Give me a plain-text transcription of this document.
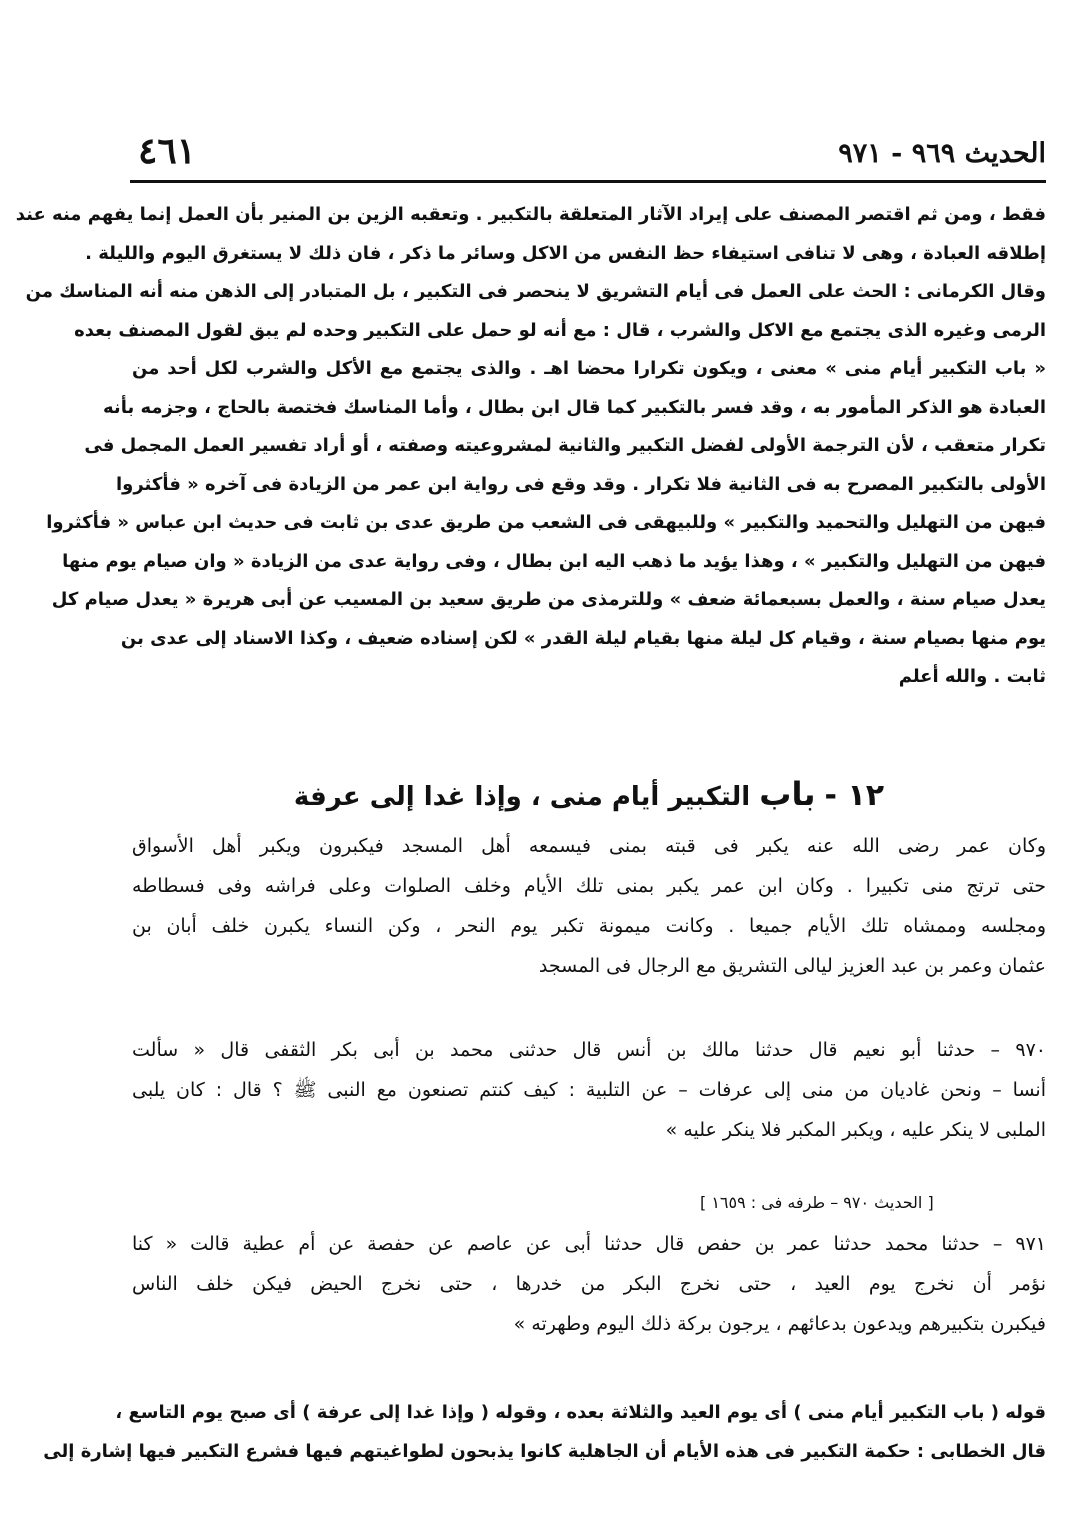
الحديث ٩٦٩ - ٩٧١
٤٦١
فقط ، ومن ثم اقتصر المصنف على إيراد الآثار المتعلقة بالتكبير . وتعقبه الزين بن المنير بأن العمل إنما يفهم منه عند
إطلاقه العبادة ، وهى لا تنافى استيفاء حظ النفس من الاكل وسائر ما ذكر ، فان ذلك لا يستغرق اليوم والليلة .
وقال الكرمانى : الحث على العمل فى أيام التشريق لا ينحصر فى التكبير ، بل المتبادر إلى الذهن منه أنه المناسك من
الرمى وغيره الذى يجتمع مع الاكل والشرب ، قال : مع أنه لو حمل على التكبير وحده لم يبق لقول المصنف بعده
« باب التكبير أيام منى » معنى ، ويكون تكرارا محضا اهـ . والذى يجتمع مع الأكل والشرب لكل أحد من
العبادة هو الذكر المأمور به ، وقد فسر بالتكبير كما قال ابن بطال ، وأما المناسك فختصة بالحاج ، وجزمه بأنه
تكرار متعقب ، لأن الترجمة الأولى لفضل التكبير والثانية لمشروعيته وصفته ، أو أراد تفسير العمل المجمل فى
الأولى بالتكبير المصرح به فى الثانية فلا تكرار . وقد وقع فى رواية ابن عمر من الزيادة فى آخره « فأكثروا
فيهن من التهليل والتحميد والتكبير » وللبيهقى فى الشعب من طريق عدى بن ثابت فى حديث ابن عباس « فأكثروا
فيهن من التهليل والتكبير » ، وهذا يؤيد ما ذهب اليه ابن بطال ، وفى رواية عدى من الزيادة « وان صيام يوم منها
يعدل صيام سنة ، والعمل بسبعمائة ضعف » وللترمذى من طريق سعيد بن المسيب عن أبى هريرة « يعدل صيام كل
يوم منها بصيام سنة ، وقيام كل ليلة منها بقيام ليلة القدر » لكن إسناده ضعيف ، وكذا الاسناد إلى عدى بن
ثابت . والله أعلم
١٢ - باب التكبير أيام منى ، وإذا غدا إلى عرفة
وكان عمر رضى الله عنه يكبر فى قبته بمنى فيسمعه أهل المسجد فيكبرون ويكبر أهل الأسواق
حتى ترتج منى تكبيرا . وكان ابن عمر يكبر بمنى تلك الأيام وخلف الصلوات وعلى فراشه وفى فسطاطه
ومجلسه وممشاه تلك الأيام جميعا . وكانت ميمونة تكبر يوم النحر ، وكن النساء يكبرن خلف أبان بن
عثمان وعمر بن عبد العزيز ليالى التشريق مع الرجال فى المسجد
٩٧٠ – حدثنا أبو نعيم قال حدثنا مالك بن أنس قال حدثنى محمد بن أبى بكر الثقفى قال « سألت
أنسا – ونحن غاديان من منى إلى عرفات – عن التلبية : كيف كنتم تصنعون مع النبى ﷺ ؟ قال : كان يلبى
الملبى لا ينكر عليه ، ويكبر المكبر فلا ينكر عليه »
[ الحديث ٩٧٠ – طرفه فى : ١٦٥٩ ]
٩٧١ – حدثنا محمد حدثنا عمر بن حفص قال حدثنا أبى عن عاصم عن حفصة عن أم عطية قالت « كنا
نؤمر أن نخرج يوم العيد ، حتى نخرج البكر من خدرها ، حتى نخرج الحيض فيكن خلف الناس
فيكبرن بتكبيرهم ويدعون بدعائهم ، يرجون بركة ذلك اليوم وطهرته »
قوله ( باب التكبير أيام منى ) أى يوم العيد والثلاثة بعده ، وقوله ( وإذا غدا إلى عرفة ) أى صبح يوم التاسع ،
قال الخطابى : حكمة التكبير فى هذه الأيام أن الجاهلية كانوا يذبحون لطواغيتهم فيها فشرع التكبير فيها إشارة إلى
